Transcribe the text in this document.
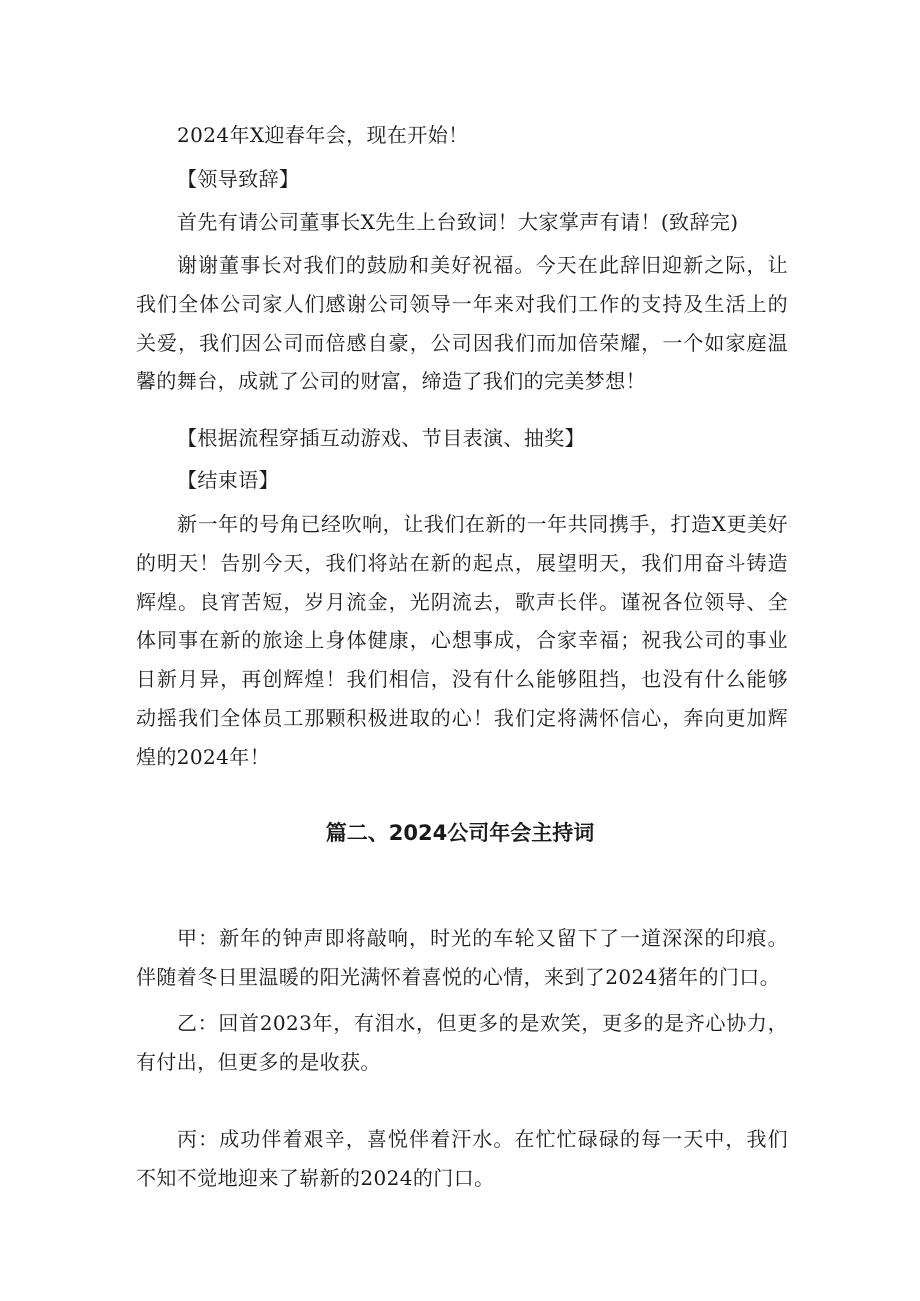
2024年X迎春年会，现在开始！

【领导致辞】

首先有请公司董事长X先生上台致词！大家掌声有请！(致辞完)

谢谢董事长对我们的鼓励和美好祝福。今天在此辞旧迎新之际，让我们全体公司家人们感谢公司领导一年来对我们工作的支持及生活上的关爱，我们因公司而倍感自豪，公司因我们而加倍荣耀，一个如家庭温馨的舞台，成就了公司的财富，缔造了我们的完美梦想！

【根据流程穿插互动游戏、节目表演、抽奖】

【结束语】

新一年的号角已经吹响，让我们在新的一年共同携手，打造X更美好的明天！告别今天，我们将站在新的起点，展望明天，我们用奋斗铸造辉煌。良宵苦短，岁月流金，光阴流去，歌声长伴。谨祝各位领导、全体同事在新的旅途上身体健康，心想事成，合家幸福；祝我公司的事业日新月异，再创辉煌！我们相信，没有什么能够阻挡，也没有什么能够动摇我们全体员工那颗积极进取的心！我们定将满怀信心，奔向更加辉煌的2024年！

篇二、2024公司年会主持词

甲：新年的钟声即将敲响，时光的车轮又留下了一道深深的印痕。伴随着冬日里温暖的阳光满怀着喜悦的心情，来到了2024猪年的门口。

乙：回首2023年，有泪水，但更多的是欢笑，更多的是齐心协力，有付出，但更多的是收获。

丙：成功伴着艰辛，喜悦伴着汗水。在忙忙碌碌的每一天中，我们不知不觉地迎来了崭新的2024的门口。
